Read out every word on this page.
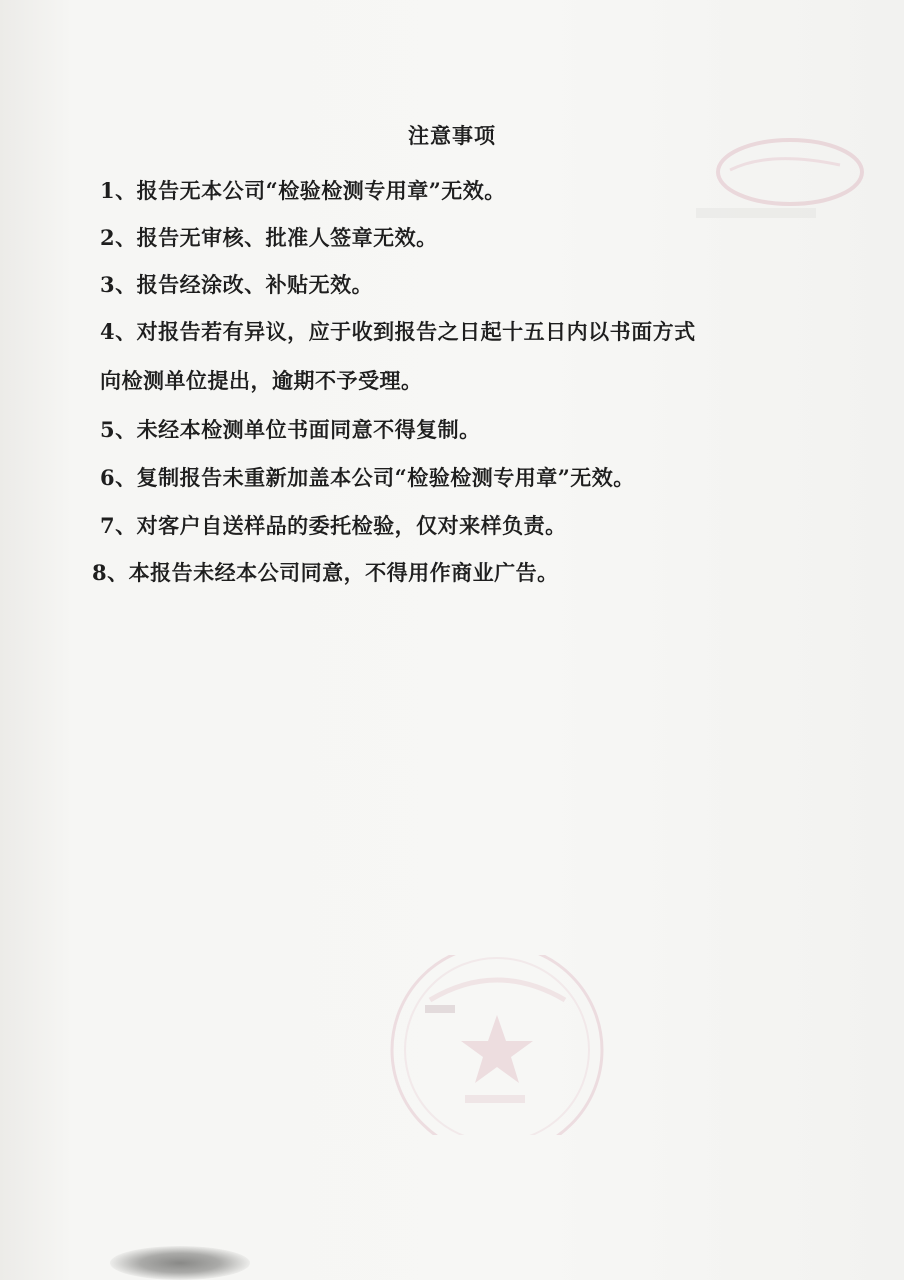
注意事项
1、报告无本公司“检验检测专用章”无效。
2、报告无审核、批准人签章无效。
3、报告经涂改、补贴无效。
4、对报告若有异议，应于收到报告之日起十五日内以书面方式
向检测单位提出，逾期不予受理。
5、未经本检测单位书面同意不得复制。
6、复制报告未重新加盖本公司“检验检测专用章”无效。
7、对客户自送样品的委托检验，仅对来样负责。
8、本报告未经本公司同意，不得用作商业广告。
